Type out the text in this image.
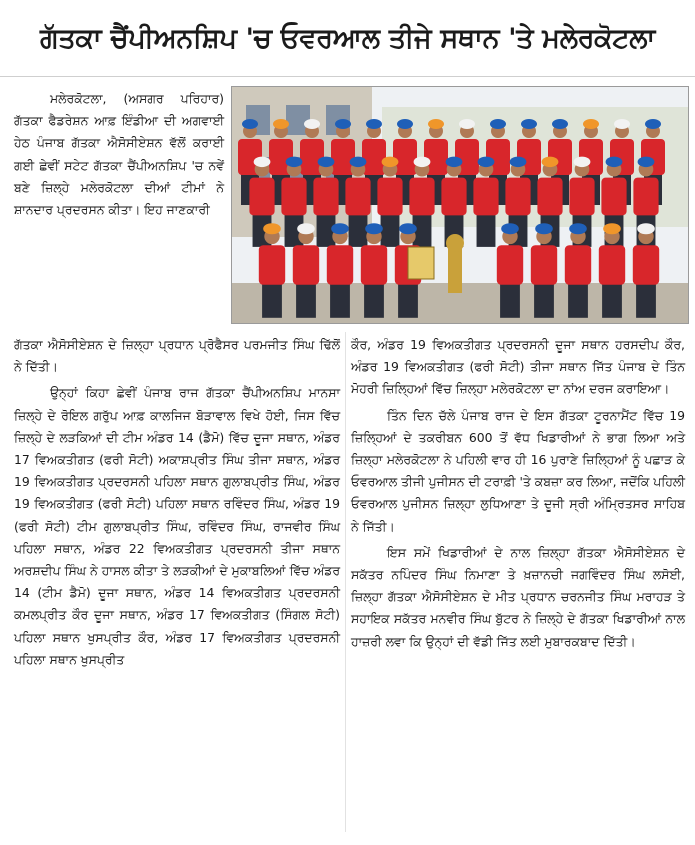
ਗੱਤਕਾ ਚੈਂਪੀਅਨਸ਼ਿਪ 'ਚ ਓਵਰਆਲ ਤੀਜੇ ਸਥਾਨ 'ਤੇ ਮਲੇਰਕੋਟਲਾ

ਮਲੇਰਕੋਟਲਾ, (ਅਸਗਰ ਪਰਿਹਾਰ) ਗੱਤਕਾ ਫੈਡਰੇਸ਼ਨ ਆਫ਼ ਇੰਡੀਆ ਦੀ ਅਗਵਾਈ ਹੇਠ ਪੰਜਾਬ ਗੱਤਕਾ ਐਸੋਸੀਏਸ਼ਨ ਵੱਲੋਂ ਕਰਾਈ ਗਈ ਛੇਵੀਂ ਸਟੇਟ ਗੱਤਕਾ ਚੈਂਪੀਅਨਸ਼ਿਪ 'ਚ ਨਵੇਂ ਬਣੇ ਜ਼ਿਲ੍ਹੇ ਮਲੇਰਕੋਟਲਾ ਦੀਆਂ ਟੀਮਾਂ ਨੇ ਸ਼ਾਨਦਾਰ ਪ੍ਰਦਰਸਨ ਕੀਤਾ। ਇਹ ਜਾਣਕਾਰੀ

ਗੱਤਕਾ ਐਸੋਸੀਏਸ਼ਨ ਦੇ ਜ਼ਿਲ੍ਹਾ ਪ੍ਰਧਾਨ ਪ੍ਰੋਫੈਸਰ ਪਰਮਜੀਤ ਸਿੰਘ ਢਿੱਲੋਂ ਨੇ ਦਿੱਤੀ।

ਉਨ੍ਹਾਂ ਕਿਹਾ ਛੇਵੀਂ ਪੰਜਾਬ ਰਾਜ ਗੱਤਕਾ ਚੈਂਪੀਅਨਸ਼ਿਪ ਮਾਨਸਾ ਜ਼ਿਲ੍ਹੇ ਦੇ ਰੋਇਲ ਗਰੁੱਪ ਆਫ਼ ਕਾਲਜਿਜ ਬੋੜਾਵਾਲ ਵਿਖੇ ਹੋਈ, ਜਿਸ ਵਿੱਚ ਜ਼ਿਲ੍ਹੇ ਦੇ ਲੜਕਿਆਂ ਦੀ ਟੀਮ ਅੰਡਰ 14 (ਡੈਮੋ) ਵਿੱਚ ਦੂਜਾ ਸਥਾਨ, ਅੰਡਰ 17 ਵਿਅਕਤੀਗਤ (ਫਰੀ ਸੋਟੀ) ਅਕਾਸ਼ਪ੍ਰੀਤ ਸਿੰਘ ਤੀਜਾ ਸਥਾਨ, ਅੰਡਰ 19 ਵਿਅਕਤੀਗਤ ਪ੍ਰਦਰਸਨੀ ਪਹਿਲਾ ਸਥਾਨ ਗੁਲਾਬਪ੍ਰੀਤ ਸਿੰਘ, ਅੰਡਰ 19 ਵਿਅਕਤੀਗਤ (ਫਰੀ ਸੋਟੀ) ਪਹਿਲਾ ਸਥਾਨ ਰਵਿੰਦਰ ਸਿੰਘ, ਅੰਡਰ 19 (ਫਰੀ ਸੋਟੀ) ਟੀਮ ਗੁਲਾਬਪ੍ਰੀਤ ਸਿੰਘ, ਰਵਿੰਦਰ ਸਿੰਘ, ਰਾਜਵੀਰ ਸਿੰਘ ਪਹਿਲਾ ਸਥਾਨ, ਅੰਡਰ 22 ਵਿਅਕਤੀਗਤ ਪ੍ਰਦਰਸਨੀ ਤੀਜਾ ਸਥਾਨ ਅਰਸ਼ਦੀਪ ਸਿੰਘ ਨੇ ਹਾਸਲ ਕੀਤਾ ਤੇ ਲੜਕੀਆਂ ਦੇ ਮੁਕਾਬਲਿਆਂ ਵਿੱਚ ਅੰਡਰ 14 (ਟੀਮ ਡੈਮੋ) ਦੂਜਾ ਸਥਾਨ, ਅੰਡਰ 14 ਵਿਅਕਤੀਗਤ ਪ੍ਰਦਰਸਨੀ ਕਮਲਪ੍ਰੀਤ ਕੌਰ ਦੂਜਾ ਸਥਾਨ, ਅੰਡਰ 17 ਵਿਅਕਤੀਗਤ (ਸਿੰਗਲ ਸੋਟੀ) ਪਹਿਲਾ ਸਥਾਨ ਖੁਸਪ੍ਰੀਤ ਕੌਰ, ਅੰਡਰ 17 ਵਿਅਕਤੀਗਤ ਪ੍ਰਦਰਸਨੀ ਪਹਿਲਾ ਸਥਾਨ ਖੁਸਪ੍ਰੀਤ

ਕੌਰ, ਅੰਡਰ 19 ਵਿਅਕਤੀਗਤ ਪ੍ਰਦਰਸਨੀ ਦੂਜਾ ਸਥਾਨ ਹਰਸਦੀਪ ਕੌਰ, ਅੰਡਰ 19 ਵਿਅਕਤੀਗਤ (ਫਰੀ ਸੋਟੀ) ਤੀਜਾ ਸਥਾਨ ਜਿੱਤ ਪੰਜਾਬ ਦੇ ਤਿੰਨ ਮੋਹਰੀ ਜ਼ਿਲ੍ਹਿਆਂ ਵਿੱਚ ਜ਼ਿਲ੍ਹਾ ਮਲੇਰਕੋਟਲਾ ਦਾ ਨਾਂਅ ਦਰਜ ਕਰਾਇਆ।

ਤਿੰਨ ਦਿਨ ਚੱਲੇ ਪੰਜਾਬ ਰਾਜ ਦੇ ਇਸ ਗੱਤਕਾ ਟੂਰਨਾਮੈਂਟ ਵਿੱਚ 19 ਜ਼ਿਲ੍ਹਿਆਂ ਦੇ ਤਕਰੀਬਨ 600 ਤੋਂ ਵੱਧ ਖਿਡਾਰੀਆਂ ਨੇ ਭਾਗ ਲਿਆ ਅਤੇ ਜ਼ਿਲ੍ਹਾ ਮਲੇਰਕੋਟਲਾ ਨੇ ਪਹਿਲੀ ਵਾਰ ਹੀ 16 ਪੁਰਾਣੇ ਜ਼ਿਲ੍ਹਿਆਂ ਨੂੰ ਪਛਾੜ ਕੇ ਓਵਰਆਲ ਤੀਜੀ ਪੁਜੀਸਨ ਦੀ ਟਰਾਫ਼ੀ 'ਤੇ ਕਬਜ਼ਾ ਕਰ ਲਿਆ, ਜਦੋਂਕਿ ਪਹਿਲੀ ਓਵਰਆਲ ਪੁਜੀਸਨ ਜ਼ਿਲ੍ਹਾ ਲੁਧਿਆਣਾ ਤੇ ਦੂਜੀ ਸ੍ਰੀ ਅੰਮ੍ਰਿਤਸਰ ਸਾਹਿਬ ਨੇ ਜਿੱਤੀ।

ਇਸ ਸਮੇਂ ਖਿਡਾਰੀਆਂ ਦੇ ਨਾਲ ਜ਼ਿਲ੍ਹਾ ਗੱਤਕਾ ਐਸੋਸੀਏਸ਼ਨ ਦੇ ਸਕੱਤਰ ਨਪਿੰਦਰ ਸਿੰਘ ਨਿਮਾਣਾ ਤੇ ਖ਼ਜ਼ਾਨਚੀ ਜਗਵਿੰਦਰ ਸਿੰਘ ਲਸੋਈ, ਜ਼ਿਲ੍ਹਾ ਗੱਤਕਾ ਐਸੋਸੀਏਸ਼ਨ ਦੇ ਮੀਤ ਪ੍ਰਧਾਨ ਚਰਨਜੀਤ ਸਿੰਘ ਮਰਾਹੜ ਤੇ ਸਹਾਇਕ ਸਕੱਤਰ ਮਨਵੀਰ ਸਿੰਘ ਬੁੱਟਰ ਨੇ ਜ਼ਿਲ੍ਹੇ ਦੇ ਗੱਤਕਾ ਖਿਡਾਰੀਆਂ ਨਾਲ ਹਾਜ਼ਰੀ ਲਵਾ ਕਿ ਉਨ੍ਹਾਂ ਦੀ ਵੱਡੀ ਜਿੱਤ ਲਈ ਮੁਬਾਰਕਬਾਦ ਦਿੱਤੀ।
